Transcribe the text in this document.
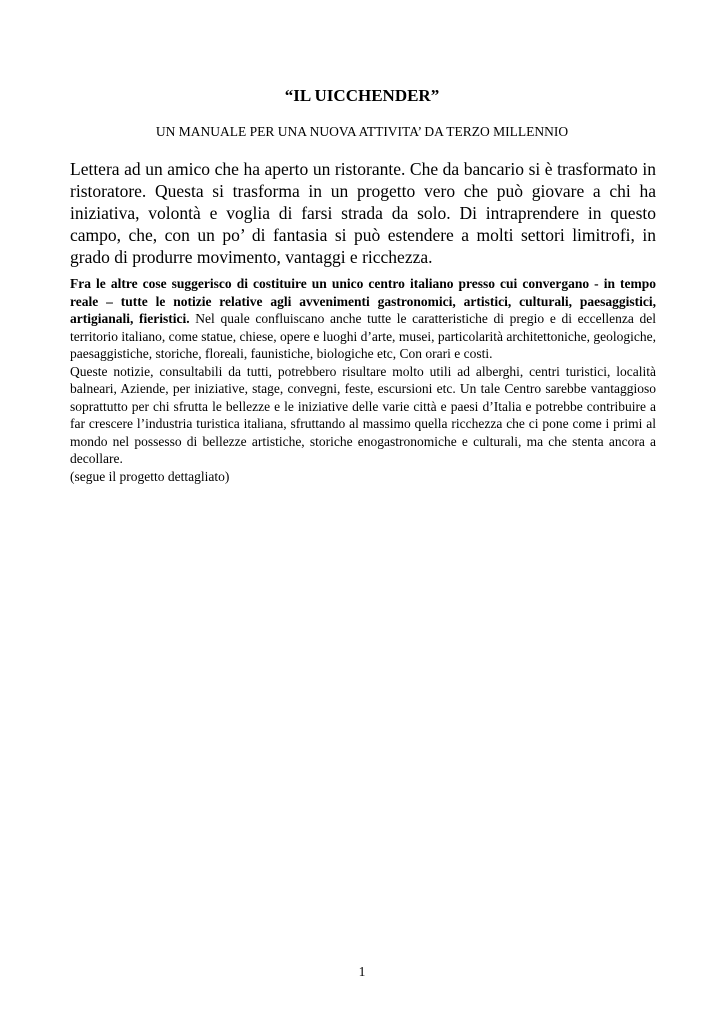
“IL UICCHENDER”
UN MANUALE PER UNA NUOVA ATTIVITA’ DA TERZO MILLENNIO

Lettera ad un amico che ha aperto un ristorante. Che da bancario si è trasformato in ristoratore. Questa si trasforma in un progetto vero che può giovare a chi ha iniziativa, volontà e voglia di farsi strada da solo. Di intraprendere in questo campo, che, con un po’ di fantasia si può estendere a molti settori limitrofi, in grado di produrre movimento, vantaggi e ricchezza.

Fra le altre cose suggerisco di costituire un unico centro italiano presso cui convergano - in tempo reale – tutte le notizie relative agli avvenimenti gastronomici, artistici, culturali, paesaggistici, artigianali, fieristici. Nel quale confluiscano anche tutte le caratteristiche di pregio e di eccellenza del territorio italiano, come statue, chiese, opere e luoghi d’arte, musei, particolarità architettoniche, geologiche, paesaggistiche, storiche, floreali, faunistiche, biologiche etc, Con orari e costi.

Queste notizie, consultabili da tutti, potrebbero risultare molto utili ad alberghi, centri turistici, località balneari, Aziende, per iniziative, stage, convegni, feste, escursioni etc. Un tale Centro sarebbe vantaggioso soprattutto per chi sfrutta le bellezze e le iniziative delle varie città e paesi d’Italia e potrebbe contribuire a far crescere l’industria turistica italiana, sfruttando al massimo quella ricchezza che ci pone come i primi al mondo nel possesso di bellezze artistiche, storiche enogastronomiche e culturali, ma che stenta ancora a decollare.

(segue il progetto dettagliato)

1
